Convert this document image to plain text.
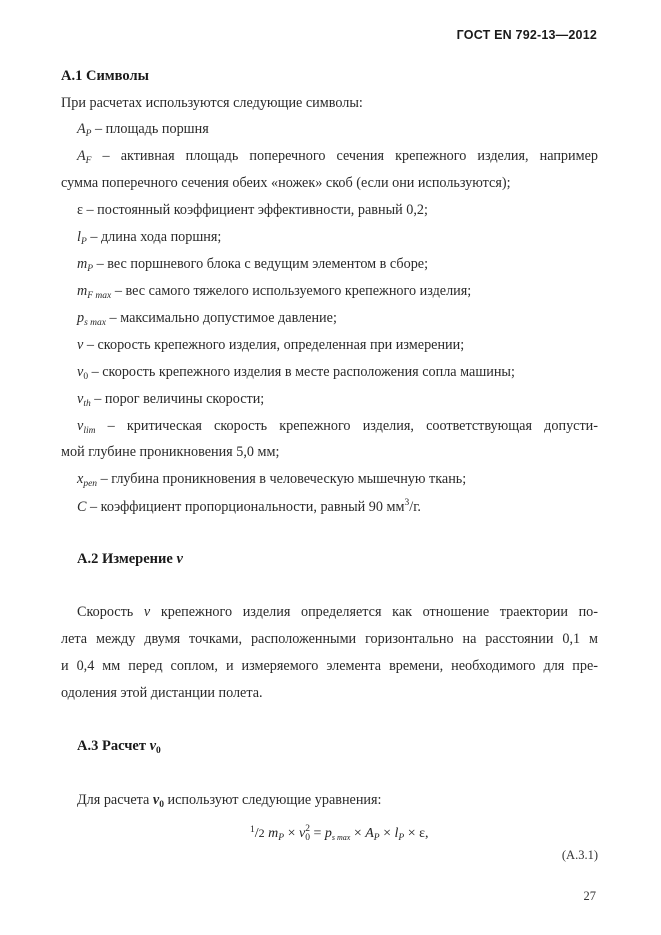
ГОСТ EN 792-13—2012
А.1 Символы
При расчетах используются следующие символы:
$A_P$ – площадь поршня
$A_F$ – активная площадь поперечного сечения крепежного изделия, например
сумма поперечного сечения обеих «ножек» скоб (если они используются);
ε – постоянный коэффициент эффективности, равный 0,2;
$l_P$ – длина хода поршня;
$m_P$ – вес поршневого блока с ведущим элементом в сборе;
$m_{F max}$ – вес самого тяжелого используемого крепежного изделия;
$p_{s max}$ – максимально допустимое давление;
v – скорость крепежного изделия, определенная при измерении;
$v_0$ – скорость крепежного изделия в месте расположения сопла машины;
$v_{th}$ – порог величины скорости;
$v_{lim}$ – критическая скорость крепежного изделия, соответствующая допусти-
мой глубине проникновения 5,0 мм;
$x_{pen}$ – глубина проникновения в человеческую мышечную ткань;
C – коэффициент пропорциональности, равный 90 $мм^3/г$.
А.2 Измерение v
Скорость v крепежного изделия определяется как отношение траектории по-
лета между двумя точками, расположенными горизонтально на расстоянии 0,1 м
и 0,4 мм перед соплом, и измеряемого элемента времени, необходимого для пре-
одоления этой дистанции полета.
А.3 Расчет $v_0$
Для расчета $v_0$ используют следующие уравнения:
$^1$/2 $m_P \times v$ 2
$0 = p_{s max} \times A_P \times l_P \times \varepsilon$,
(А.3.1)
27
